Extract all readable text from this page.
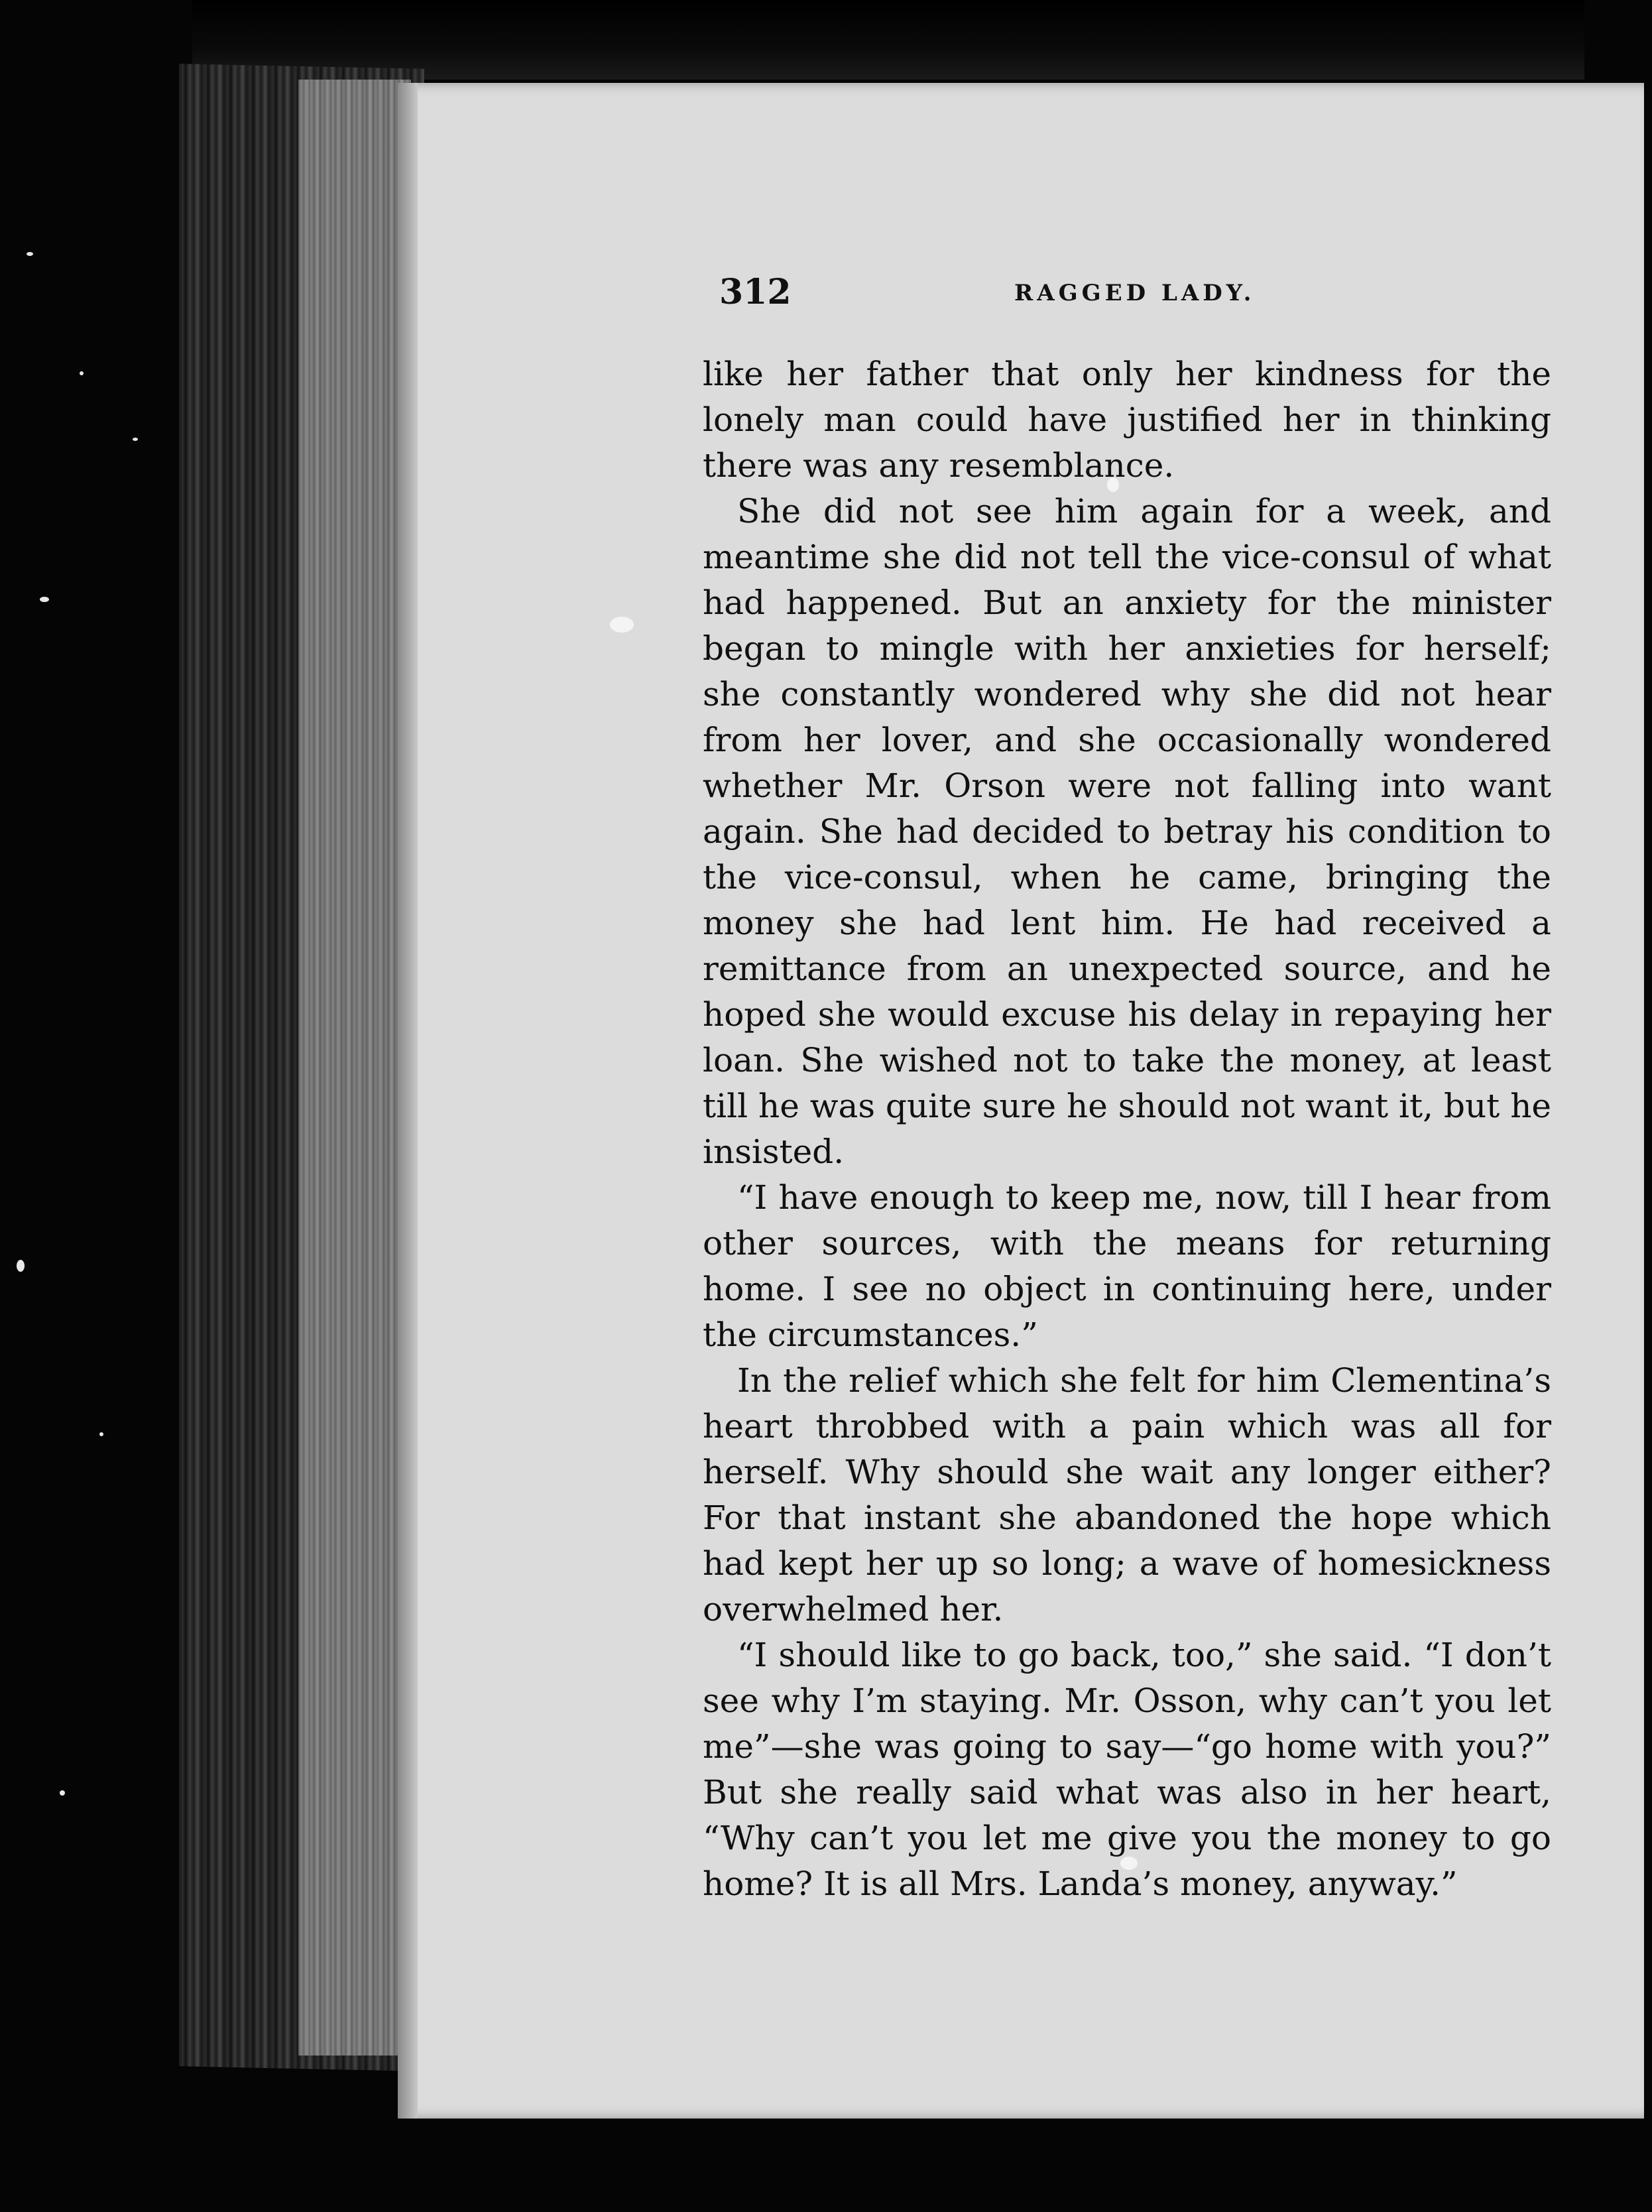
312	RAGGED LADY.

like her father that only her kindness for the lonely man could have justified her in thinking there was any resemblance.

She did not see him again for a week, and meantime she did not tell the vice-consul of what had happened. But an anxiety for the minister began to mingle with her anxieties for herself; she constantly wondered why she did not hear from her lover, and she occasionally wondered whether Mr. Orson were not falling into want again. She had decided to betray his condition to the vice-consul, when he came, bringing the money she had lent him. He had received a remittance from an unexpected source, and he hoped she would excuse his delay in repaying her loan. She wished not to take the money, at least till he was quite sure he should not want it, but he insisted.

“I have enough to keep me, now, till I hear from other sources, with the means for returning home. I see no object in continuing here, under the circumstances.”

In the relief which she felt for him Clementina’s heart throbbed with a pain which was all for herself. Why should she wait any longer either? For that instant she abandoned the hope which had kept her up so long; a wave of homesickness overwhelmed her.

“I should like to go back, too,” she said. “I don’t see why I’m staying. Mr. Osson, why can’t you let me”—she was going to say—“go home with you?” But she really said what was also in her heart, “Why can’t you let me give you the money to go home? It is all Mrs. Landa’s money, anyway.”
